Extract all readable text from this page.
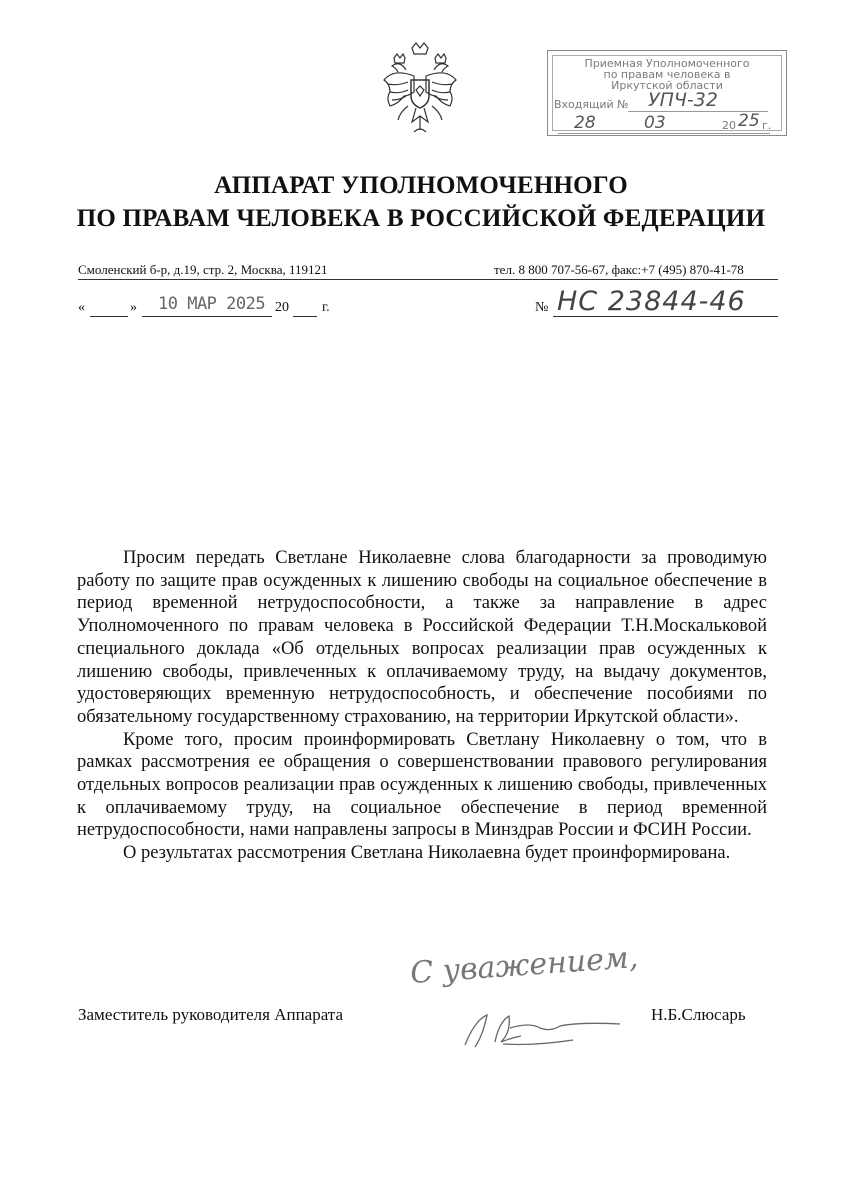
Приемная Уполномоченного
по правам человека в
Иркутской области
Входящий № УПЧ-32
28	03	20 25 г.
АППАРАТ УПОЛНОМОЧЕННОГО
ПО ПРАВАМ ЧЕЛОВЕКА В РОССИЙСКОЙ ФЕДЕРАЦИИ
Смоленский б-р, д.19, стр. 2, Москва, 119121	тел. 8 800 707-56-67, факс:+7 (495) 870-41-78
«	» 10 МАР 2025 20 г.	№ НС 23844-46

Просим передать Светлане Николаевне слова благодарности за проводимую работу по защите прав осужденных к лишению свободы на социальное обеспечение в период временной нетрудоспособности, а также за направление в адрес Уполномоченного по правам человека в Российской Федерации Т.Н.Москальковой специального доклада «Об отдельных вопросах реализации прав осужденных к лишению свободы, привлеченных к оплачиваемому труду, на выдачу документов, удостоверяющих временную нетрудоспособность, и обеспечение пособиями по обязательному государственному страхованию, на территории Иркутской области».

Кроме того, просим проинформировать Светлану Николаевну о том, что в рамках рассмотрения ее обращения о совершенствовании правового регулирования отдельных вопросов реализации прав осужденных к лишению свободы, привлеченных к оплачиваемому труду, на социальное обеспечение в период временной нетрудоспособности, нами направлены запросы в Минздрав России и ФСИН России.

О результатах рассмотрения Светлана Николаевна будет проинформирована.

С уважением,
Заместитель руководителя Аппарата	Н.Б.Слюсарь
